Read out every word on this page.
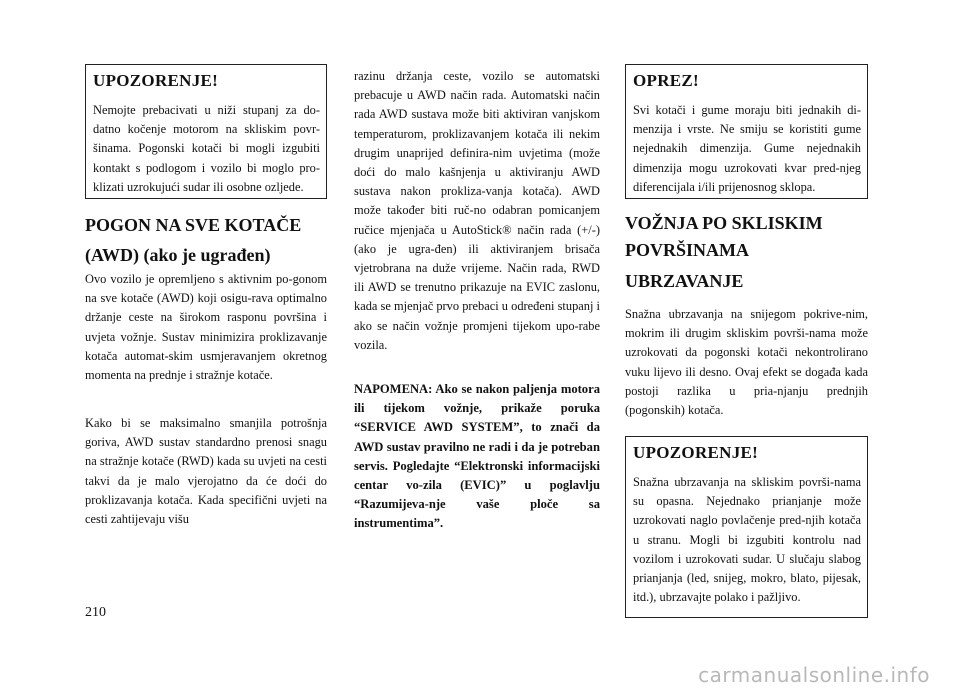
UPOZORENJE!

Nemojte prebacivati u niži stupanj za do-datno kočenje motorom na skliskim povr-šinama. Pogonski kotači bi mogli izgubiti kontakt s podlogom i vozilo bi moglo pro-klizati uzrokujući sudar ili osobne ozljede.

POGON NA SVE KOTAČE
(AWD) (ako je ugrađen)

Ovo vozilo je opremljeno s aktivnim po-gonom na sve kotače (AWD) koji osigu-rava optimalno držanje ceste na širokom rasponu površina i uvjeta vožnje. Sustav minimizira proklizavanje kotača automat-skim usmjeravanjem okretnog momenta na prednje i stražnje kotače.

Kako bi se maksimalno smanjila potrošnja goriva, AWD sustav standardno prenosi snagu na stražnje kotače (RWD) kada su uvjeti na cesti takvi da je malo vjerojatno da će doći do proklizavanja kotača. Kada specifični uvjeti na cesti zahtijevaju višu

razinu držanja ceste, vozilo se automatski prebacuje u AWD način rada. Automatski način rada AWD sustava može biti aktiviran vanjskom temperaturom, proklizavanjem kotača ili nekim drugim unaprijed definira-nim uvjetima (može doći do malo kašnjenja u aktiviranju AWD sustava nakon prokliza-vanja kotača). AWD može također biti ruč-no odabran pomicanjem ručice mjenjača u AutoStick® način rada (+/-) (ako je ugra-đen) ili aktiviranjem brisača vjetrobrana na duže vrijeme. Način rada, RWD ili AWD se trenutno prikazuje na EVIC zaslonu, kada se mjenjač prvo prebaci u određeni stupanj i ako se način vožnje promjeni tijekom upo-rabe vozila.

NAPOMENA: Ako se nakon paljenja motora ili tijekom vožnje, prikaže poruka “SERVICE AWD SYSTEM”, to znači da AWD sustav pravilno ne radi i da je potreban servis. Pogledajte “Elektronski informacijski centar vo-zila (EVIC)” u poglavlju “Razumijeva-nje vaše ploče sa instrumentima”.

OPREZ!

Svi kotači i gume moraju biti jednakih di-menzija i vrste. Ne smiju se koristiti gume nejednakih dimenzija. Gume nejednakih dimenzija mogu uzrokovati kvar pred-njeg diferencijala i/ili prijenosnog sklopa.

VOŽNJA PO SKLISKIM
POVRŠINAMA
UBRZAVANJE

Snažna ubrzavanja na snijegom pokrive-nim, mokrim ili drugim skliskim površi-nama može uzrokovati da pogonski kotači nekontrolirano vuku lijevo ili desno. Ovaj efekt se događa kada postoji razlika u pria-njanju prednjih (pogonskih) kotača.

UPOZORENJE!

Snažna ubrzavanja na skliskim površi-nama su opasna. Nejednako prianjanje može uzrokovati naglo povlačenje pred-njih kotača u stranu. Mogli bi izgubiti kontrolu nad vozilom i uzrokovati sudar. U slučaju slabog prianjanja (led, snijeg, mokro, blato, pijesak, itd.), ubrzavajte polako i pažljivo.

210
carmanualsonline.info
